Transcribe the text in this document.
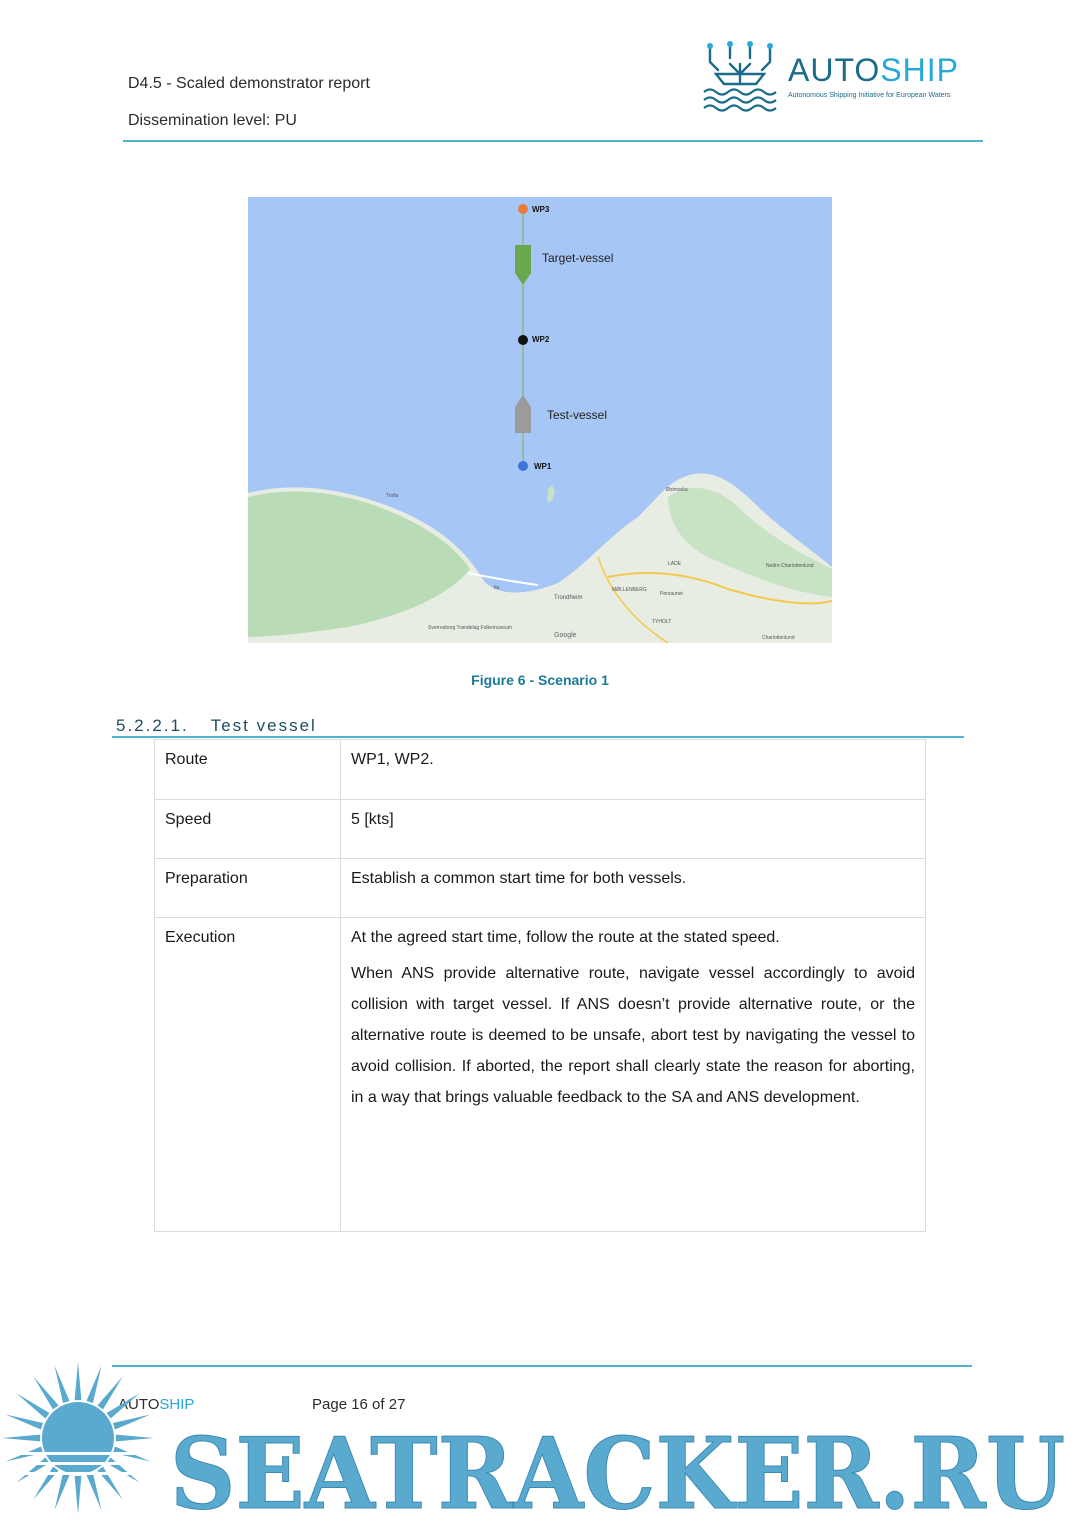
D4.5 - Scaled demonstrator report
Dissemination level: PU
AUTOSHIP
Autonomous Shipping Initiative for European Waters
WP3
WP2
WP1
Target-vessel
Test-vessel
Trolla
Ila
Trondheim
Persaunet
Østmarka
Nedre Charlottenlund
Charlottenlund
Sverresborg Trøndelag Folkemuseum
TYHOLT
LADE
MØLLENBERG
Google
Figure 6 - Scenario 1
5.2.2.1. Test vessel
Route	WP1, WP2.
Speed	5 [kts]
Preparation	Establish a common start time for both vessels.
Execution	At the agreed start time, follow the route at the stated speed.
When ANS provide alternative route, navigate vessel accordingly to avoid collision with target vessel. If ANS doesn’t provide alternative route, or the alternative route is deemed to be unsafe, abort test by navigating the vessel to avoid collision. If aborted, the report shall clearly state the reason for aborting, in a way that brings valuable feedback to the SA and ANS development.
AUTOSHIP	Page 16 of 27
SEATRACKER.RU
